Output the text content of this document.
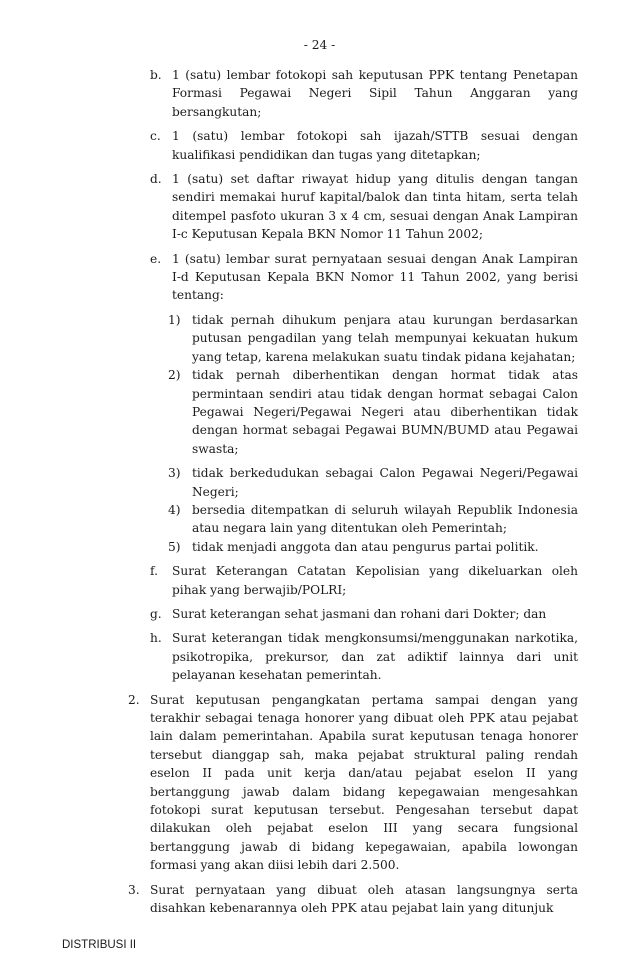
- 24 -
b. 1 (satu) lembar fotokopi sah keputusan PPK tentang Penetapan Formasi Pegawai Negeri Sipil Tahun Anggaran yang bersangkutan;
c. 1 (satu) lembar fotokopi sah ijazah/STTB sesuai dengan kualifikasi pendidikan dan tugas yang ditetapkan;
d. 1 (satu) set daftar riwayat hidup yang ditulis dengan tangan sendiri memakai huruf kapital/balok dan tinta hitam, serta telah ditempel pasfoto ukuran 3 x 4 cm, sesuai dengan Anak Lampiran I-c Keputusan Kepala BKN Nomor 11 Tahun 2002;
e. 1 (satu) lembar surat pernyataan sesuai dengan Anak Lampiran I-d Keputusan Kepala BKN Nomor 11 Tahun 2002, yang berisi tentang:
1) tidak pernah dihukum penjara atau kurungan berdasarkan putusan pengadilan yang telah mempunyai kekuatan hukum yang tetap, karena melakukan suatu tindak pidana kejahatan;
2) tidak pernah diberhentikan dengan hormat tidak atas permintaan sendiri atau tidak dengan hormat sebagai Calon Pegawai Negeri/Pegawai Negeri atau diberhentikan tidak dengan hormat sebagai Pegawai BUMN/BUMD atau Pegawai swasta;
3) tidak berkedudukan sebagai Calon Pegawai Negeri/Pegawai Negeri;
4) bersedia ditempatkan di seluruh wilayah Republik Indonesia atau negara lain yang ditentukan oleh Pemerintah;
5) tidak menjadi anggota dan atau pengurus partai politik.
f. Surat Keterangan Catatan Kepolisian yang dikeluarkan oleh pihak yang berwajib/POLRI;
g. Surat keterangan sehat jasmani dan rohani dari Dokter; dan
h. Surat keterangan tidak mengkonsumsi/menggunakan narkotika, psikotropika, prekursor, dan zat adiktif lainnya dari unit pelayanan kesehatan pemerintah.
2. Surat keputusan pengangkatan pertama sampai dengan yang terakhir sebagai tenaga honorer yang dibuat oleh PPK atau pejabat lain dalam pemerintahan. Apabila surat keputusan tenaga honorer tersebut dianggap sah, maka pejabat struktural paling rendah eselon II pada unit kerja dan/atau pejabat eselon II yang bertanggung jawab dalam bidang kepegawaian mengesahkan fotokopi surat keputusan tersebut. Pengesahan tersebut dapat dilakukan oleh pejabat eselon III yang secara fungsional bertanggung jawab di bidang kepegawaian, apabila lowongan formasi yang akan diisi lebih dari 2.500.
3. Surat pernyataan yang dibuat oleh atasan langsungnya serta disahkan kebenarannya oleh PPK atau pejabat lain yang ditunjuk
DISTRIBUSI II
